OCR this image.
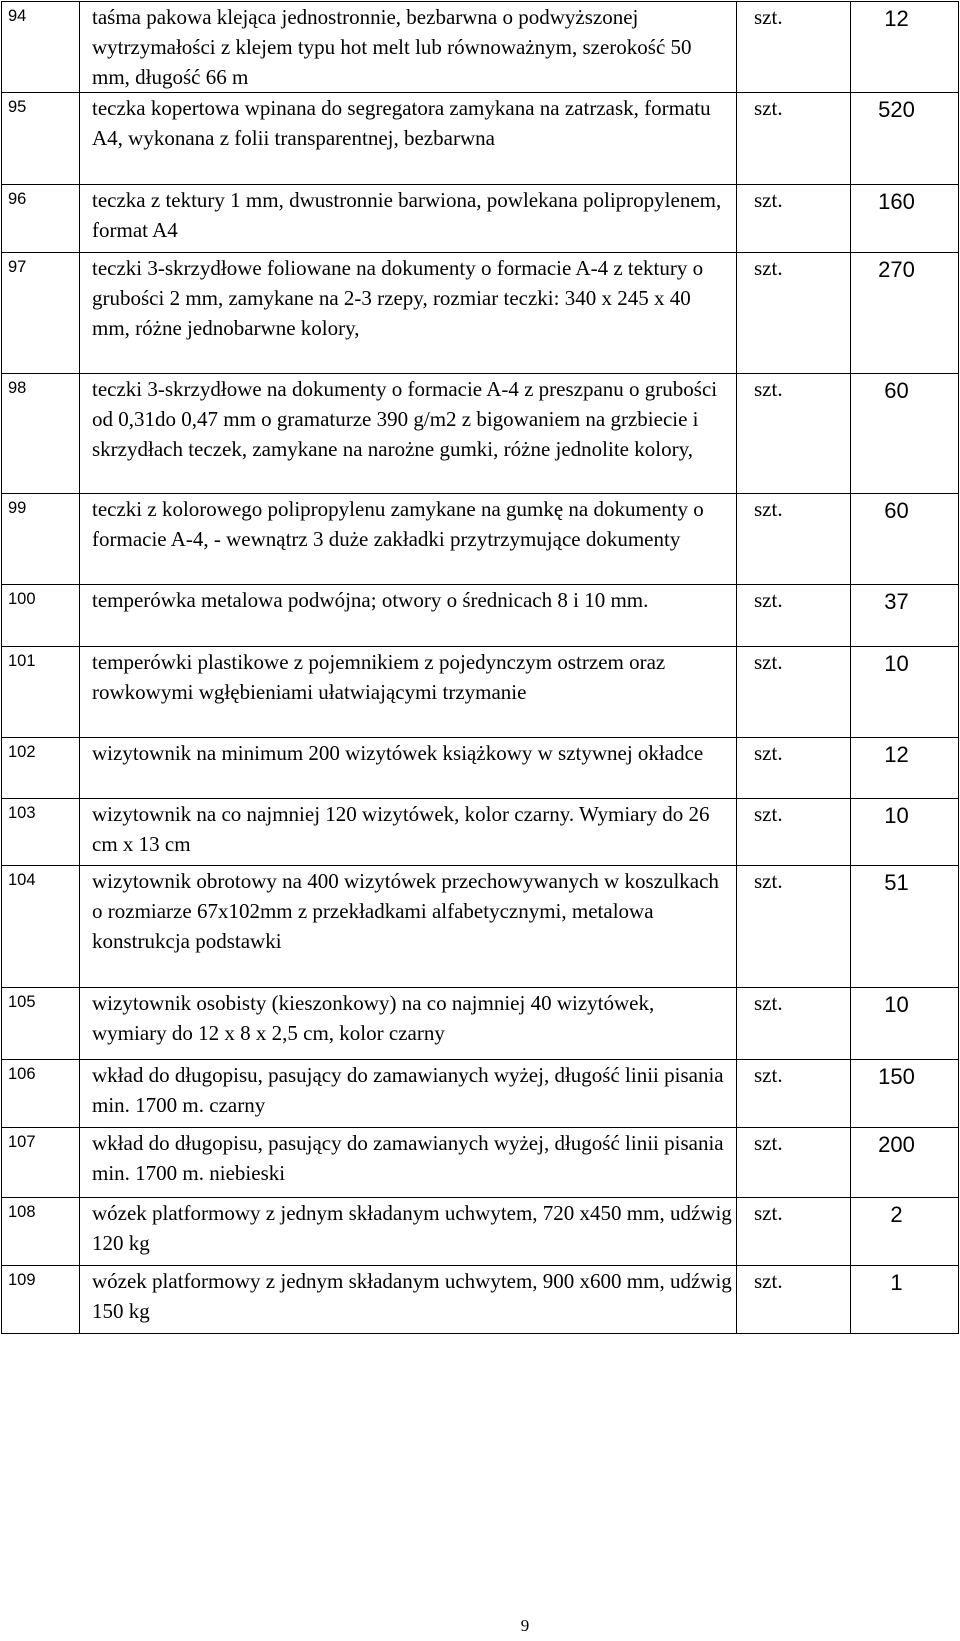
94	taśma pakowa klejąca jednostronnie, bezbarwna o podwyższonej wytrzymałości z klejem typu hot melt lub równoważnym, szerokość 50 mm, długość 66 m	szt.	12
95	teczka kopertowa wpinana do segregatora zamykana na zatrzask, formatu A4, wykonana z folii transparentnej, bezbarwna	szt.	520
96	teczka z tektury 1 mm, dwustronnie barwiona, powlekana polipropylenem, format A4	szt.	160
97	teczki 3-skrzydłowe foliowane na dokumenty o formacie A-4 z tektury o grubości 2 mm, zamykane na 2-3 rzepy, rozmiar teczki: 340 x 245 x 40 mm, różne jednobarwne kolory,	szt.	270
98	teczki 3-skrzydłowe na dokumenty o formacie A-4 z preszpanu o grubości od 0,31do 0,47 mm o gramaturze 390 g/m2 z bigowaniem na grzbiecie i skrzydłach teczek, zamykane na narożne gumki, różne jednolite kolory,	szt.	60
99	teczki z kolorowego polipropylenu zamykane na gumkę na dokumenty o formacie A-4, - wewnątrz 3 duże zakładki przytrzymujące dokumenty	szt.	60
100	temperówka metalowa podwójna; otwory o średnicach 8 i 10 mm.	szt.	37
101	temperówki plastikowe z pojemnikiem z pojedynczym ostrzem oraz rowkowymi wgłębieniami ułatwiającymi trzymanie	szt.	10
102	wizytownik na minimum 200 wizytówek książkowy w sztywnej okładce	szt.	12
103	wizytownik na co najmniej 120 wizytówek, kolor czarny. Wymiary do 26 cm x 13 cm	szt.	10
104	wizytownik obrotowy na 400 wizytówek przechowywanych w koszulkach o rozmiarze 67x102mm z przekładkami alfabetycznymi, metalowa konstrukcja podstawki	szt.	51
105	wizytownik osobisty (kieszonkowy) na co najmniej 40 wizytówek, wymiary do 12 x 8 x 2,5 cm, kolor czarny	szt.	10
106	wkład do długopisu, pasujący do zamawianych wyżej, długość linii pisania min. 1700 m. czarny	szt.	150
107	wkład do długopisu, pasujący do zamawianych wyżej, długość linii pisania min. 1700 m. niebieski	szt.	200
108	wózek platformowy z jednym składanym uchwytem, 720 x450 mm, udźwig 120 kg	szt.	2
109	wózek platformowy z jednym składanym uchwytem, 900 x600 mm, udźwig 150 kg	szt.	1
9
